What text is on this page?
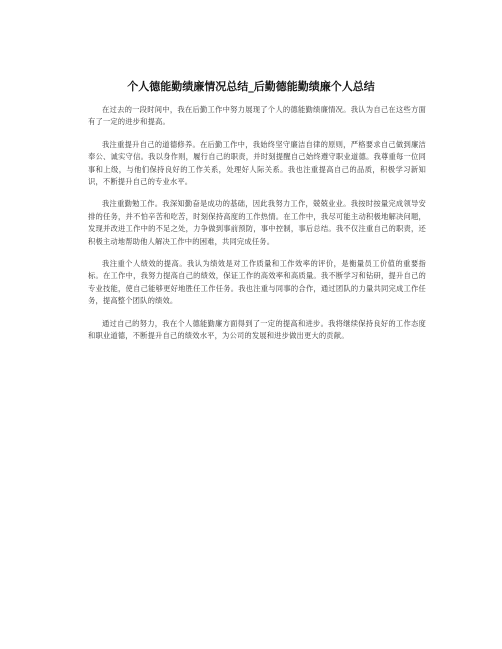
个人德能勤绩廉情况总结_后勤德能勤绩廉个人总结

在过去的一段时间中，我在后勤工作中努力展现了个人的德能勤绩廉情况。我认为自己在这些方面有了一定的进步和提高。

我注重提升自己的道德修养。在后勤工作中，我始终坚守廉洁自律的原则，严格要求自己做到廉洁奉公、诚实守信。我以身作则，履行自己的职责，并时刻提醒自己始终遵守职业道德。我尊重每一位同事和上级，与他们保持良好的工作关系，处理好人际关系。我也注重提高自己的品质，积极学习新知识，不断提升自己的专业水平。

我注重勤勉工作。我深知勤奋是成功的基础，因此我努力工作，兢兢业业。我按时按量完成领导安排的任务，并不怕辛苦和吃苦，时刻保持高度的工作热情。在工作中，我尽可能主动积极地解决问题，发现并改进工作中的不足之处，力争做到事前预防，事中控制，事后总结。我不仅注重自己的职责，还积极主动地帮助他人解决工作中的困难，共同完成任务。

我注重个人绩效的提高。我认为绩效是对工作质量和工作效率的评价，是衡量员工价值的重要指标。在工作中，我努力提高自己的绩效，保证工作的高效率和高质量。我不断学习和钻研，提升自己的专业技能，使自己能够更好地胜任工作任务。我也注重与同事的合作，通过团队的力量共同完成工作任务，提高整个团队的绩效。

通过自己的努力，我在个人德能勤廉方面得到了一定的提高和进步。我将继续保持良好的工作态度和职业道德，不断提升自己的绩效水平，为公司的发展和进步做出更大的贡献。
